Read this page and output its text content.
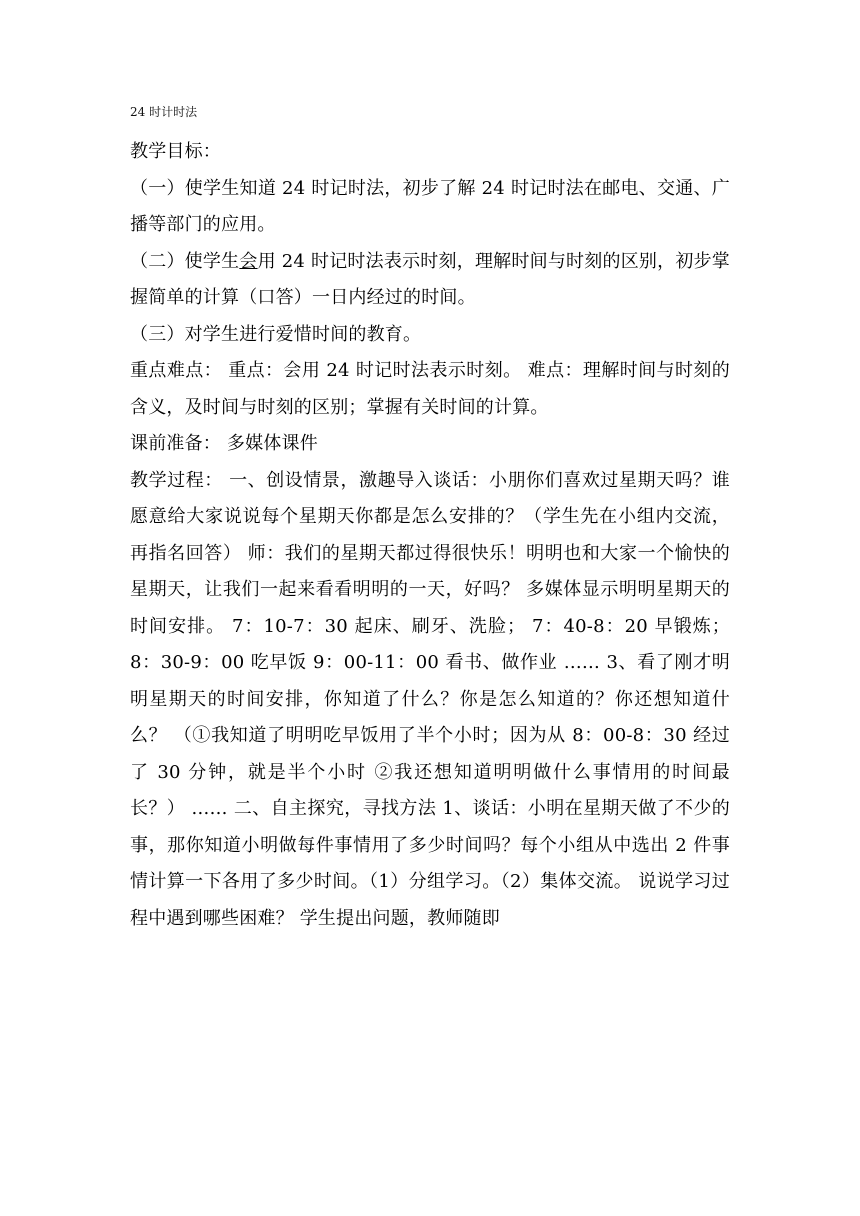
24 时计时法

教学目标：

（一）使学生知道 24 时记时法，初步了解 24 时记时法在邮电、交通、广播等部门的应用。

（二）使学生会用 24 时记时法表示时刻，理解时间与时刻的区别，初步掌握简单的计算（口答）一日内经过的时间。

（三）对学生进行爱惜时间的教育。

重点难点： 重点：会用 24 时记时法表示时刻。 难点：理解时间与时刻的含义，及时间与时刻的区别；掌握有关时间的计算。

课前准备： 多媒体课件

教学过程： 一、创设情景，激趣导入谈话：小朋你们喜欢过星期天吗？谁愿意给大家说说每个星期天你都是怎么安排的？（学生先在小组内交流，再指名回答） 师：我们的星期天都过得很快乐！明明也和大家一个愉快的星期天，让我们一起来看看明明的一天，好吗？ 多媒体显示明明星期天的时间安排。 7：10-7：30 起床、刷牙、洗脸； 7：40-8：20 早锻炼； 8：30-9：00 吃早饭 9：00-11：00 看书、做作业 …… 3、看了刚才明明星期天的时间安排，你知道了什么？你是怎么知道的？你还想知道什么？ （①我知道了明明吃早饭用了半个小时；因为从 8：00-8：30 经过了 30 分钟，就是半个小时 ②我还想知道明明做什么事情用的时间最长？） …… 二、自主探究，寻找方法 1、谈话：小明在星期天做了不少的事，那你知道小明做每件事情用了多少时间吗？每个小组从中选出 2 件事情计算一下各用了多少时间。（1）分组学习。（2）集体交流。 说说学习过程中遇到哪些困难？ 学生提出问题，教师随即
